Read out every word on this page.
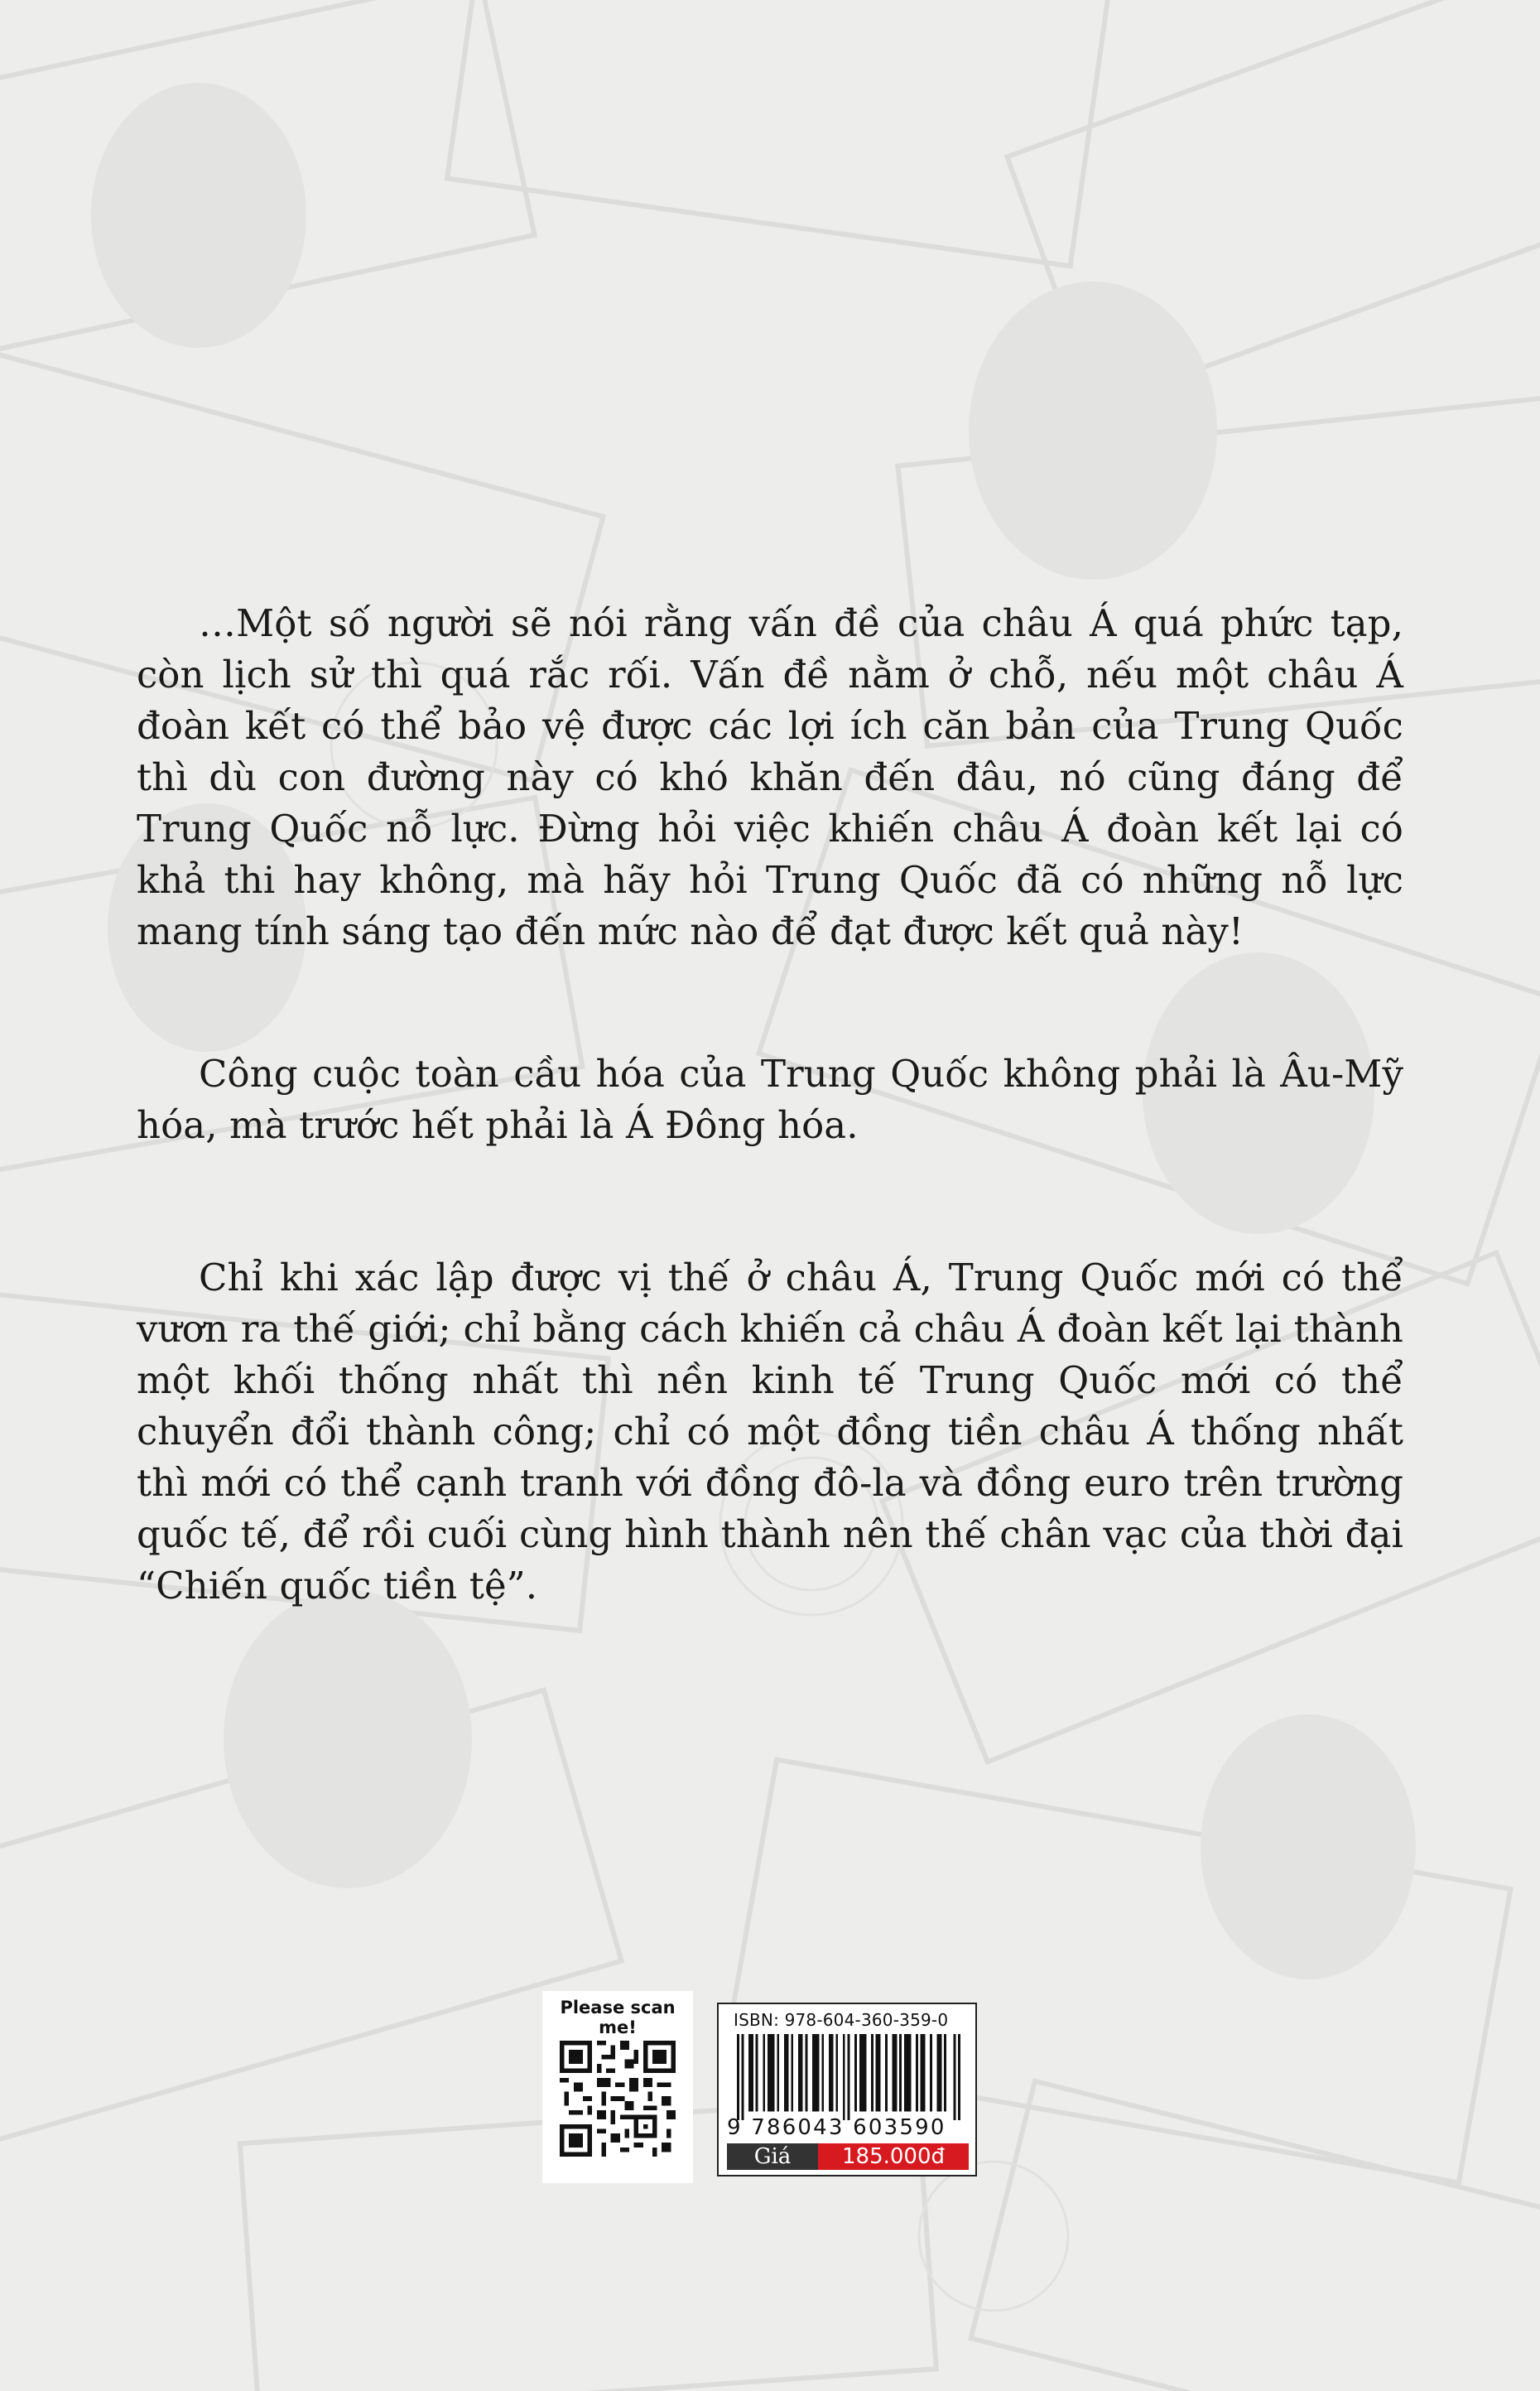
…Một số người sẽ nói rằng vấn đề của châu Á quá phức tạp, còn lịch sử thì quá rắc rối. Vấn đề nằm ở chỗ, nếu một châu Á đoàn kết có thể bảo vệ được các lợi ích căn bản của Trung Quốc thì dù con đường này có khó khăn đến đâu, nó cũng đáng để Trung Quốc nỗ lực. Đừng hỏi việc khiến châu Á đoàn kết lại có khả thi hay không, mà hãy hỏi Trung Quốc đã có những nỗ lực mang tính sáng tạo đến mức nào để đạt được kết quả này!

Công cuộc toàn cầu hóa của Trung Quốc không phải là Âu-Mỹ hóa, mà trước hết phải là Á Đông hóa.

Chỉ khi xác lập được vị thế ở châu Á, Trung Quốc mới có thể vươn ra thế giới; chỉ bằng cách khiến cả châu Á đoàn kết lại thành một khối thống nhất thì nền kinh tế Trung Quốc mới có thể chuyển đổi thành công; chỉ có một đồng tiền châu Á thống nhất thì mới có thể cạnh tranh với đồng đô-la và đồng euro trên trường quốc tế, để rồi cuối cùng hình thành nên thế chân vạc của thời đại “Chiến quốc tiền tệ”.

Please scan me!	ISBN: 978-604-360-359-0
9 786043 603590
Giá	185.000đ
